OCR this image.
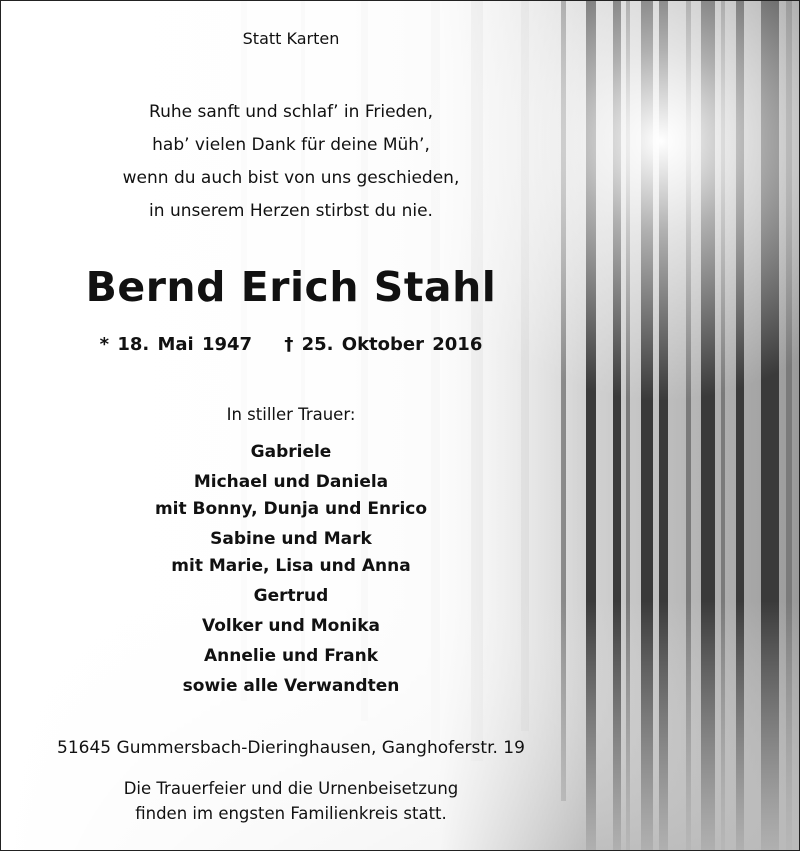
Statt Karten
Ruhe sanft und schlaf’ in Frieden,
hab’ vielen Dank für deine Müh’,
wenn du auch bist von uns geschieden,
in unserem Herzen stirbst du nie.
Bernd Erich Stahl
* 18. Mai 1947 † 25. Oktober 2016
In stiller Trauer:
Gabriele
Michael und Daniela
mit Bonny, Dunja und Enrico
Sabine und Mark
mit Marie, Lisa und Anna
Gertrud
Volker und Monika
Annelie und Frank
sowie alle Verwandten
51645 Gummersbach-Dieringhausen, Ganghoferstr. 19
Die Trauerfeier und die Urnenbeisetzung
finden im engsten Familienkreis statt.
